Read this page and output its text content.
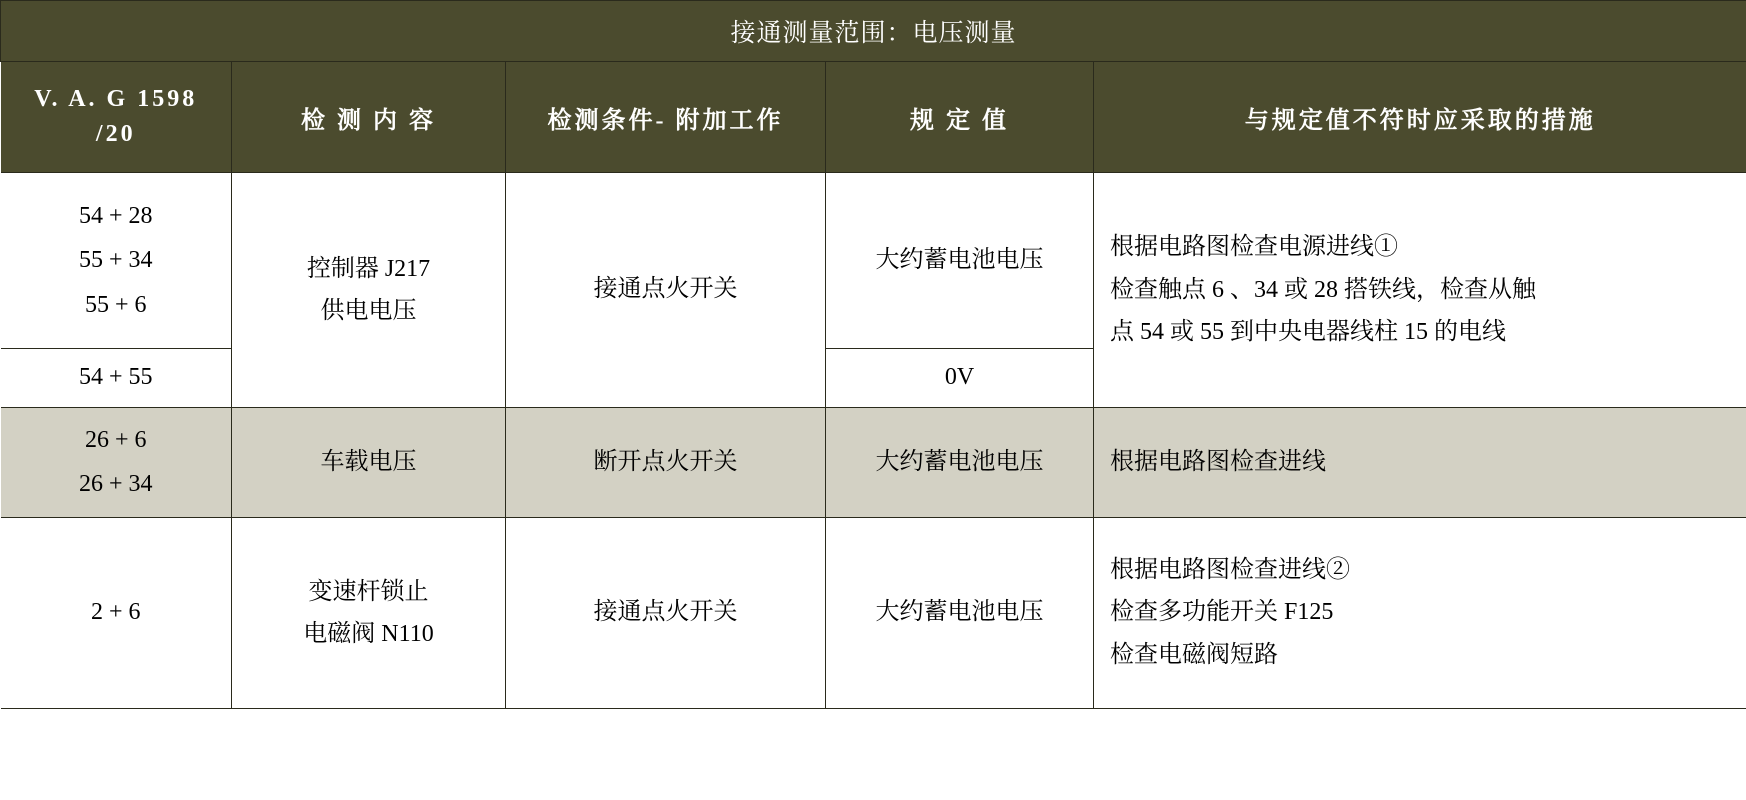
接通测量范围：电压测量				

V. A. G 1598
/20	检 测 内 容	检测条件- 附加工作	规 定 值	与规定值不符时应采取的措施

54 + 28
55 + 34
55 + 6	控制器 J217
供电电压	接通点火开关	大约蓄电池电压	根据电路图检查电源进线①
检查触点 6 、34 或 28 搭铁线，检查从触
点 54 或 55 到中央电器线柱 15 的电线

54 + 55			0V	

26 + 6
26 + 34	车载电压	断开点火开关	大约蓄电池电压	根据电路图检查进线

2 + 6	变速杆锁止
电磁阀 N110	接通点火开关	大约蓄电池电压	根据电路图检查进线②
检查多功能开关 F125
检查电磁阀短路
